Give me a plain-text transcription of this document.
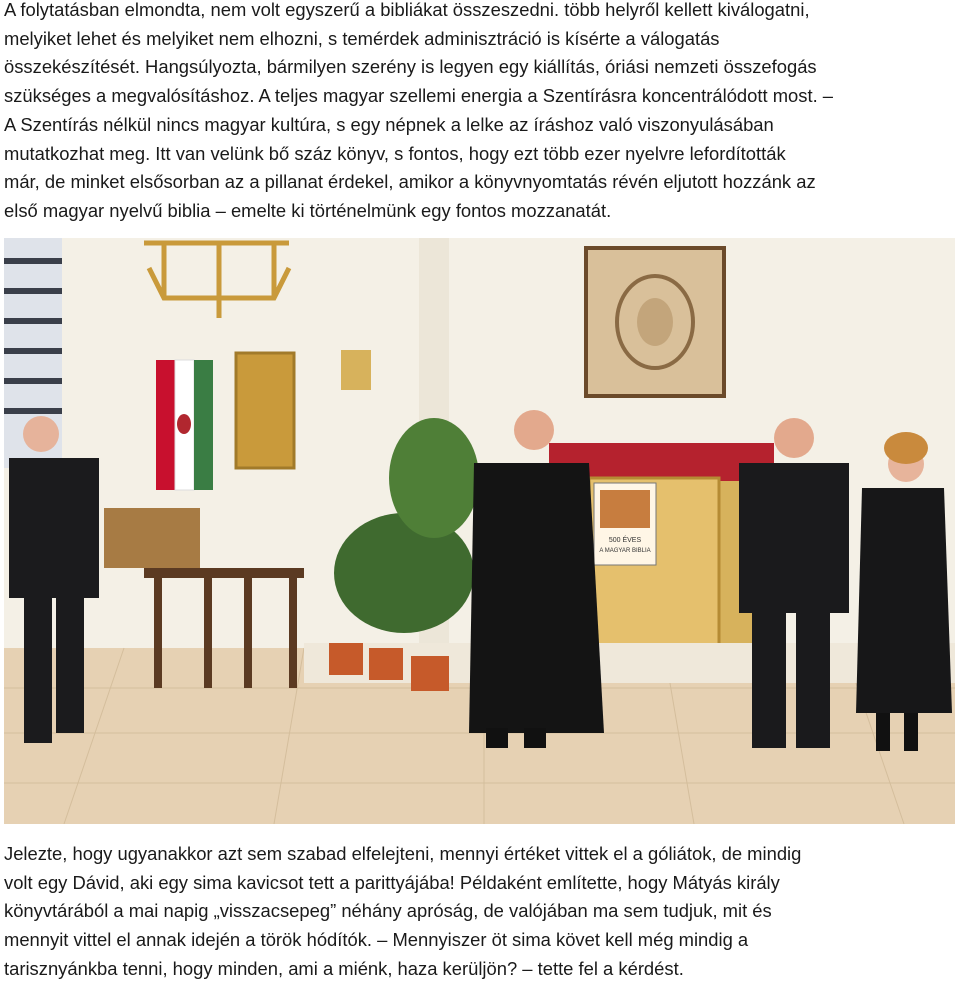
A folytatásban elmondta, nem volt egyszerű a bibliákat összeszedni. több helyről kellett kiválogatni,
melyiket lehet és melyiket nem elhozni, s temérdek adminisztráció is kísérte a válogatás
összekészítését. Hangsúlyozta, bármilyen szerény is legyen egy kiállítás, óriási nemzeti összefogás
szükséges a megvalósításhoz. A teljes magyar szellemi energia a Szentírásra koncentrálódott most. –
A Szentírás nélkül nincs magyar kultúra, s egy népnek a lelke az íráshoz való viszonyulásában
mutatkozhat meg. Itt van velünk bő száz könyv, s fontos, hogy ezt több ezer nyelvre lefordították
már, de minket elsősorban az a pillanat érdekel, amikor a könyvnyomtatás révén eljutott hozzánk az
első magyar nyelvű biblia – emelte ki történelmünk egy fontos mozzanatát.
500 ÉVES
A MAGYAR BIBLIA
Jelezte, hogy ugyanakkor azt sem szabad elfelejteni, mennyi értéket vittek el a góliátok, de mindig
volt egy Dávid, aki egy sima kavicsot tett a parittyájába! Példaként említette, hogy Mátyás király
könyvtárából a mai napig „visszacsepeg” néhány apróság, de valójában ma sem tudjuk, mit és
mennyit vittel el annak idején a török hódítók. – Mennyiszer öt sima követ kell még mindig a
tarisznyánkba tenni, hogy minden, ami a miénk, haza kerüljön? – tette fel a kérdést.
